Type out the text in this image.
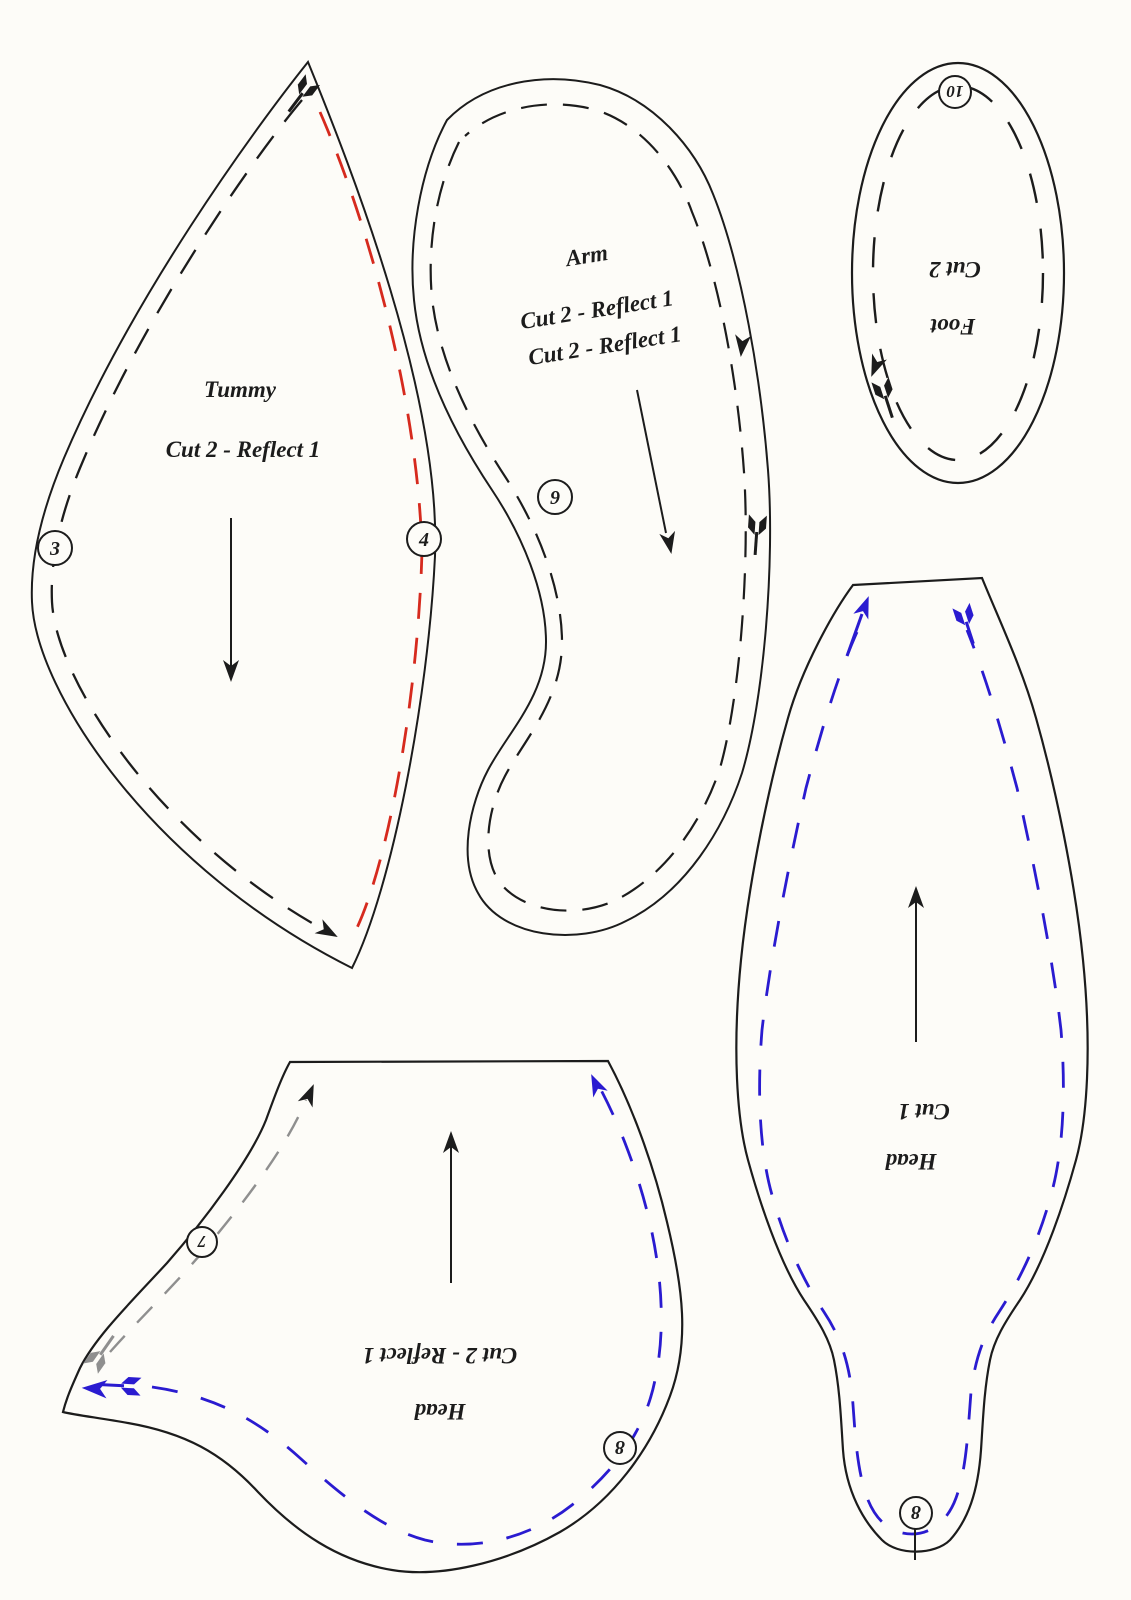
Tummy
Cut 2 - Reflect 1
3	4
Arm
Cut 2 - Reflect 1
Cut 2 - Reflect 1
9
Cut 2
Foot
10
Cut 1
Head
8
Cut 2 - Reflect 1
Head
7
8
